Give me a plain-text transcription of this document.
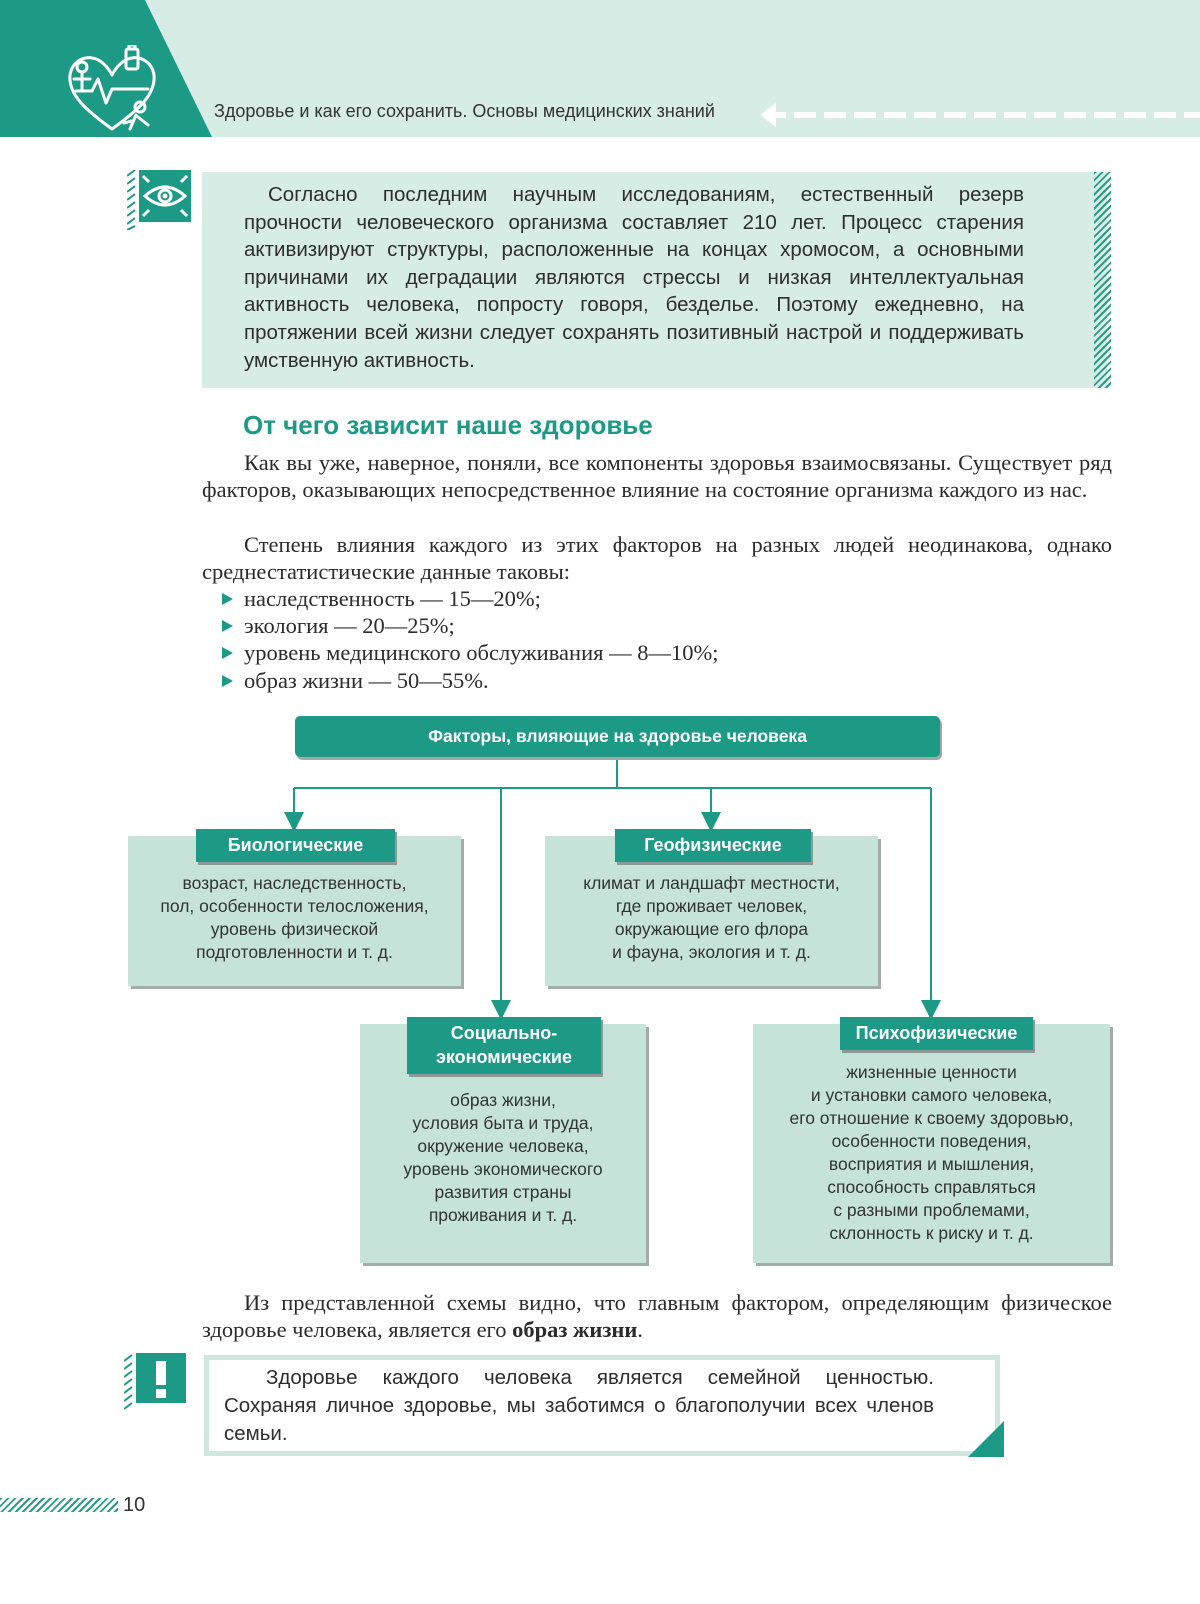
Здоровье и как его сохранить. Основы медицинских знаний

Согласно последним научным исследованиям, естественный резерв прочности человеческого организма составляет 210 лет. Процесс старения активизируют структуры, расположенные на концах хромосом, а основными причинами их деградации являются стрессы и низкая интеллектуальная активность человека, попросту говоря, безделье. Поэтому ежедневно, на протяжении всей жизни следует сохранять позитивный настрой и поддерживать умственную активность.

От чего зависит наше здоровье

Как вы уже, наверное, поняли, все компоненты здоровья взаимосвязаны. Существует ряд факторов, оказывающих непосредственное влияние на состояние организма каждого из нас.

Степень влияния каждого из этих факторов на разных людей неодинакова, однако среднестатистические данные таковы:

наследственность — 15—20%;
экология — 20—25%;
уровень медицинского обслуживания — 8—10%;
образ жизни — 50—55%.
Факторы, влияющие на здоровье человека
возраст, наследственность,
пол, особенности телосложения,
уровень физической
подготовленности и т. д.
Биологические
климат и ландшафт местности,
где проживает человек,
окружающие его флора
и фауна, экология и т. д.
Геофизические
образ жизни,
условия быта и труда,
окружение человека,
уровень экономического
развития страны
проживания и т. д.
Социально-
экономические
жизненные ценности
и установки самого человека,
его отношение к своему здоровью,
особенности поведения,
восприятия и мышления,
способность справляться
с разными проблемами,
склонность к риску и т. д.
Психофизические

Из представленной схемы видно, что главным фактором, определяющим физическое здоровье человека, является его образ жизни.

Здоровье каждого человека является семейной ценностью. Сохраняя личное здоровье, мы заботимся о благополучии всех членов семьи.

10
